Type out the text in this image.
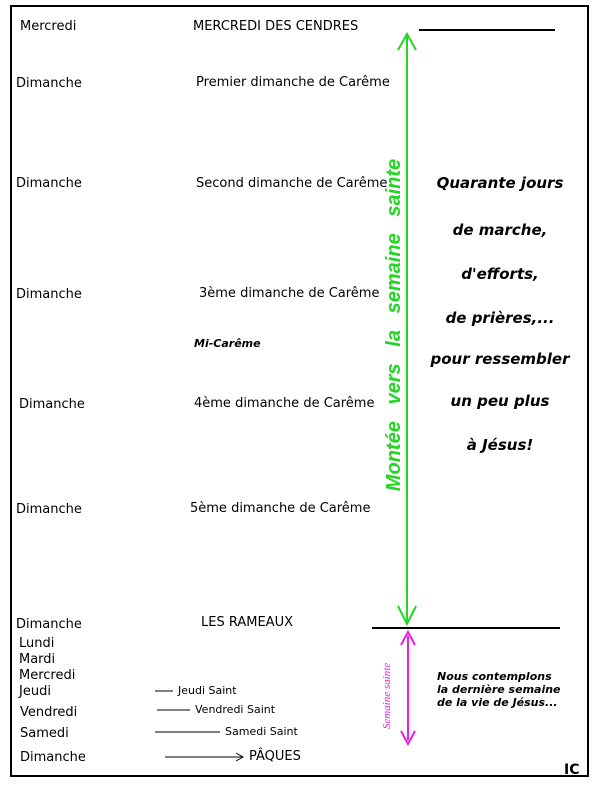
Mercredi
Dimanche
Dimanche
Dimanche
Dimanche
Dimanche
Dimanche
Lundi
Mardi
Mercredi
Jeudi
Vendredi
Samedi
Dimanche
MERCREDI DES CENDRES
Premier dimanche de Carême
Second dimanche de Carême
3ème dimanche de Carême
Mi-Carême
4ème dimanche de Carême
5ème dimanche de Carême
LES RAMEAUX
Jeudi Saint
Vendredi Saint
Samedi Saint
PÂQUES
Quarante jours
de marche,
d'efforts,
de prières,...
pour ressembler
un peu plus
à Jésus!
Nous contemplons
la dernière semaine
de la vie de Jésus...
IC
Montée   vers   la   semaine   sainte
Semaine sainte
